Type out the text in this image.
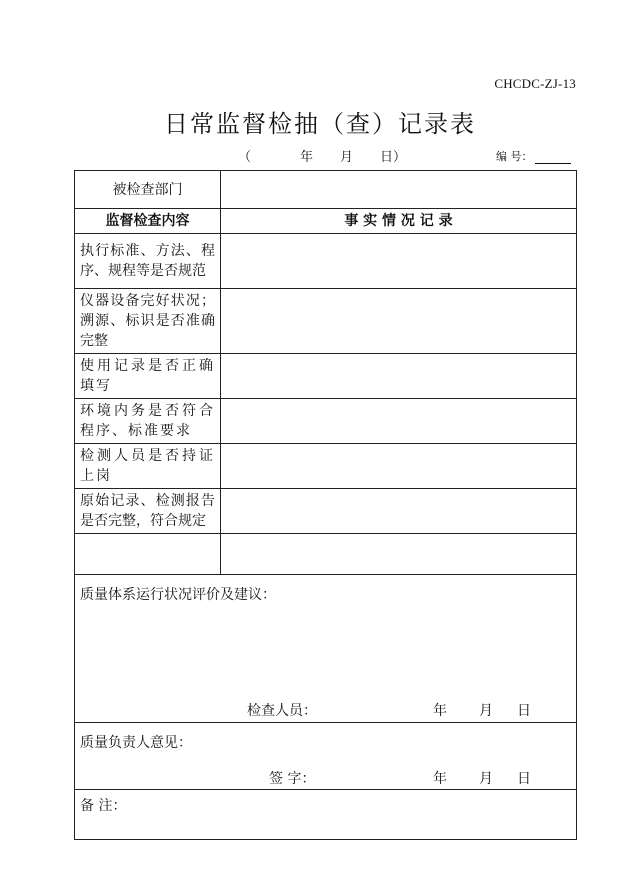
CHCDC-ZJ-13
日常监督检抽（查）记录表
（	年	月	日）	编 号：
被检查部门	
监督检查内容	事 实 情 况 记 录
执行标准、方法、程序、规程等是否规范	
仪器设备完好状况；溯源、标识是否准确完整	
使用记录是否正确填写	
环境内务是否符合程序、标准要求	
检测人员是否持证上岗	
原始记录、检测报告是否完整，符合规定	

质量体系运行状况评价及建议：
检查人员： 年 月 日	

质量负责人意见：
签 字： 年 月 日	

备 注：	
